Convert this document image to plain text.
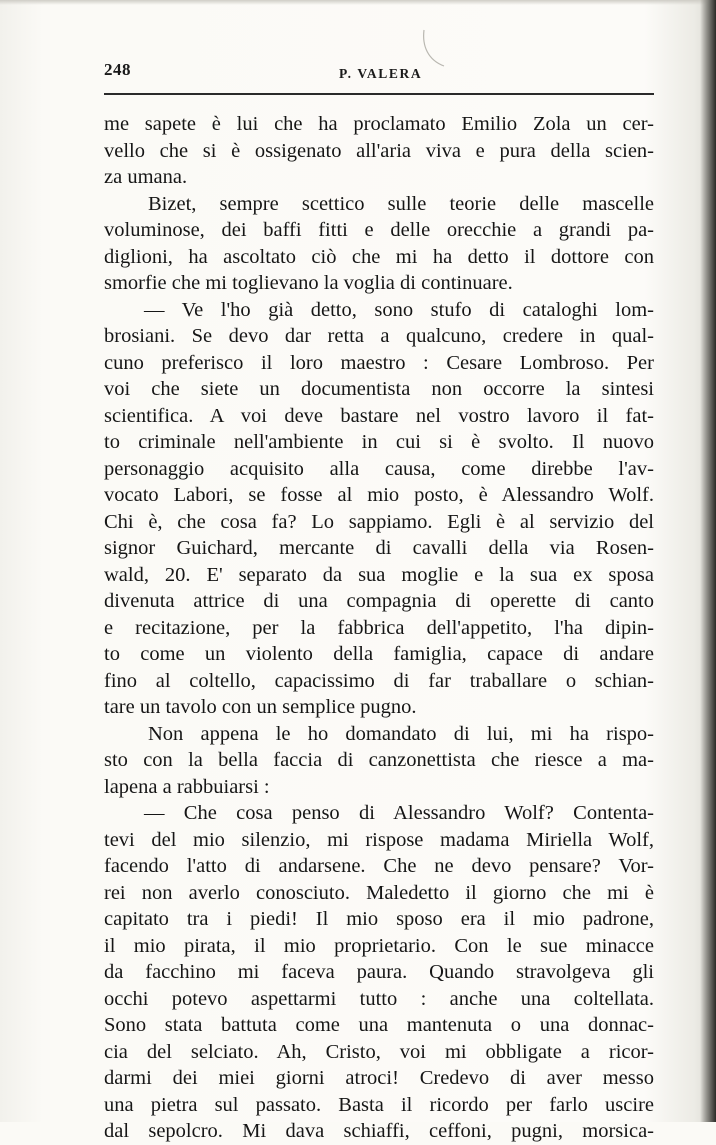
248	P. VALERA
me sapete è lui che ha proclamato Emilio Zola un cer-
vello che si è ossigenato all'aria viva e pura della scien-
za umana.
Bizet, sempre scettico sulle teorie delle mascelle
voluminose, dei baffi fitti e delle orecchie a grandi pa-
diglioni, ha ascoltato ciò che mi ha detto il dottore con
smorfie che mi toglievano la voglia di continuare.
— Ve l'ho già detto, sono stufo di cataloghi lom-
brosiani. Se devo dar retta a qualcuno, credere in qual-
cuno preferisco il loro maestro : Cesare Lombroso. Per
voi che siete un documentista non occorre la sintesi
scientifica. A voi deve bastare nel vostro lavoro il fat-
to criminale nell'ambiente in cui si è svolto. Il nuovo
personaggio acquisito alla causa, come direbbe l'av-
vocato Labori, se fosse al mio posto, è Alessandro Wolf.
Chi è, che cosa fa? Lo sappiamo. Egli è al servizio del
signor Guichard, mercante di cavalli della via Rosen-
wald, 20. E' separato da sua moglie e la sua ex sposa
divenuta attrice di una compagnia di operette di canto
e recitazione, per la fabbrica dell'appetito, l'ha dipin-
to come un violento della famiglia, capace di andare
fino al coltello, capacissimo di far traballare o schian-
tare un tavolo con un semplice pugno.
Non appena le ho domandato di lui, mi ha rispo-
sto con la bella faccia di canzonettista che riesce a ma-
lapena a rabbuiarsi :
— Che cosa penso di Alessandro Wolf? Contenta-
tevi del mio silenzio, mi rispose madama Miriella Wolf,
facendo l'atto di andarsene. Che ne devo pensare? Vor-
rei non averlo conosciuto. Maledetto il giorno che mi è
capitato tra i piedi! Il mio sposo era il mio padrone,
il mio pirata, il mio proprietario. Con le sue minacce
da facchino mi faceva paura. Quando stravolgeva gli
occhi potevo aspettarmi tutto : anche una coltellata.
Sono stata battuta come una mantenuta o una donnac-
cia del selciato. Ah, Cristo, voi mi obbligate a ricor-
darmi dei miei giorni atroci! Credevo di aver messo
una pietra sul passato. Basta il ricordo per farlo uscire
dal sepolcro. Mi dava schiaffi, ceffoni, pugni, morsica-
